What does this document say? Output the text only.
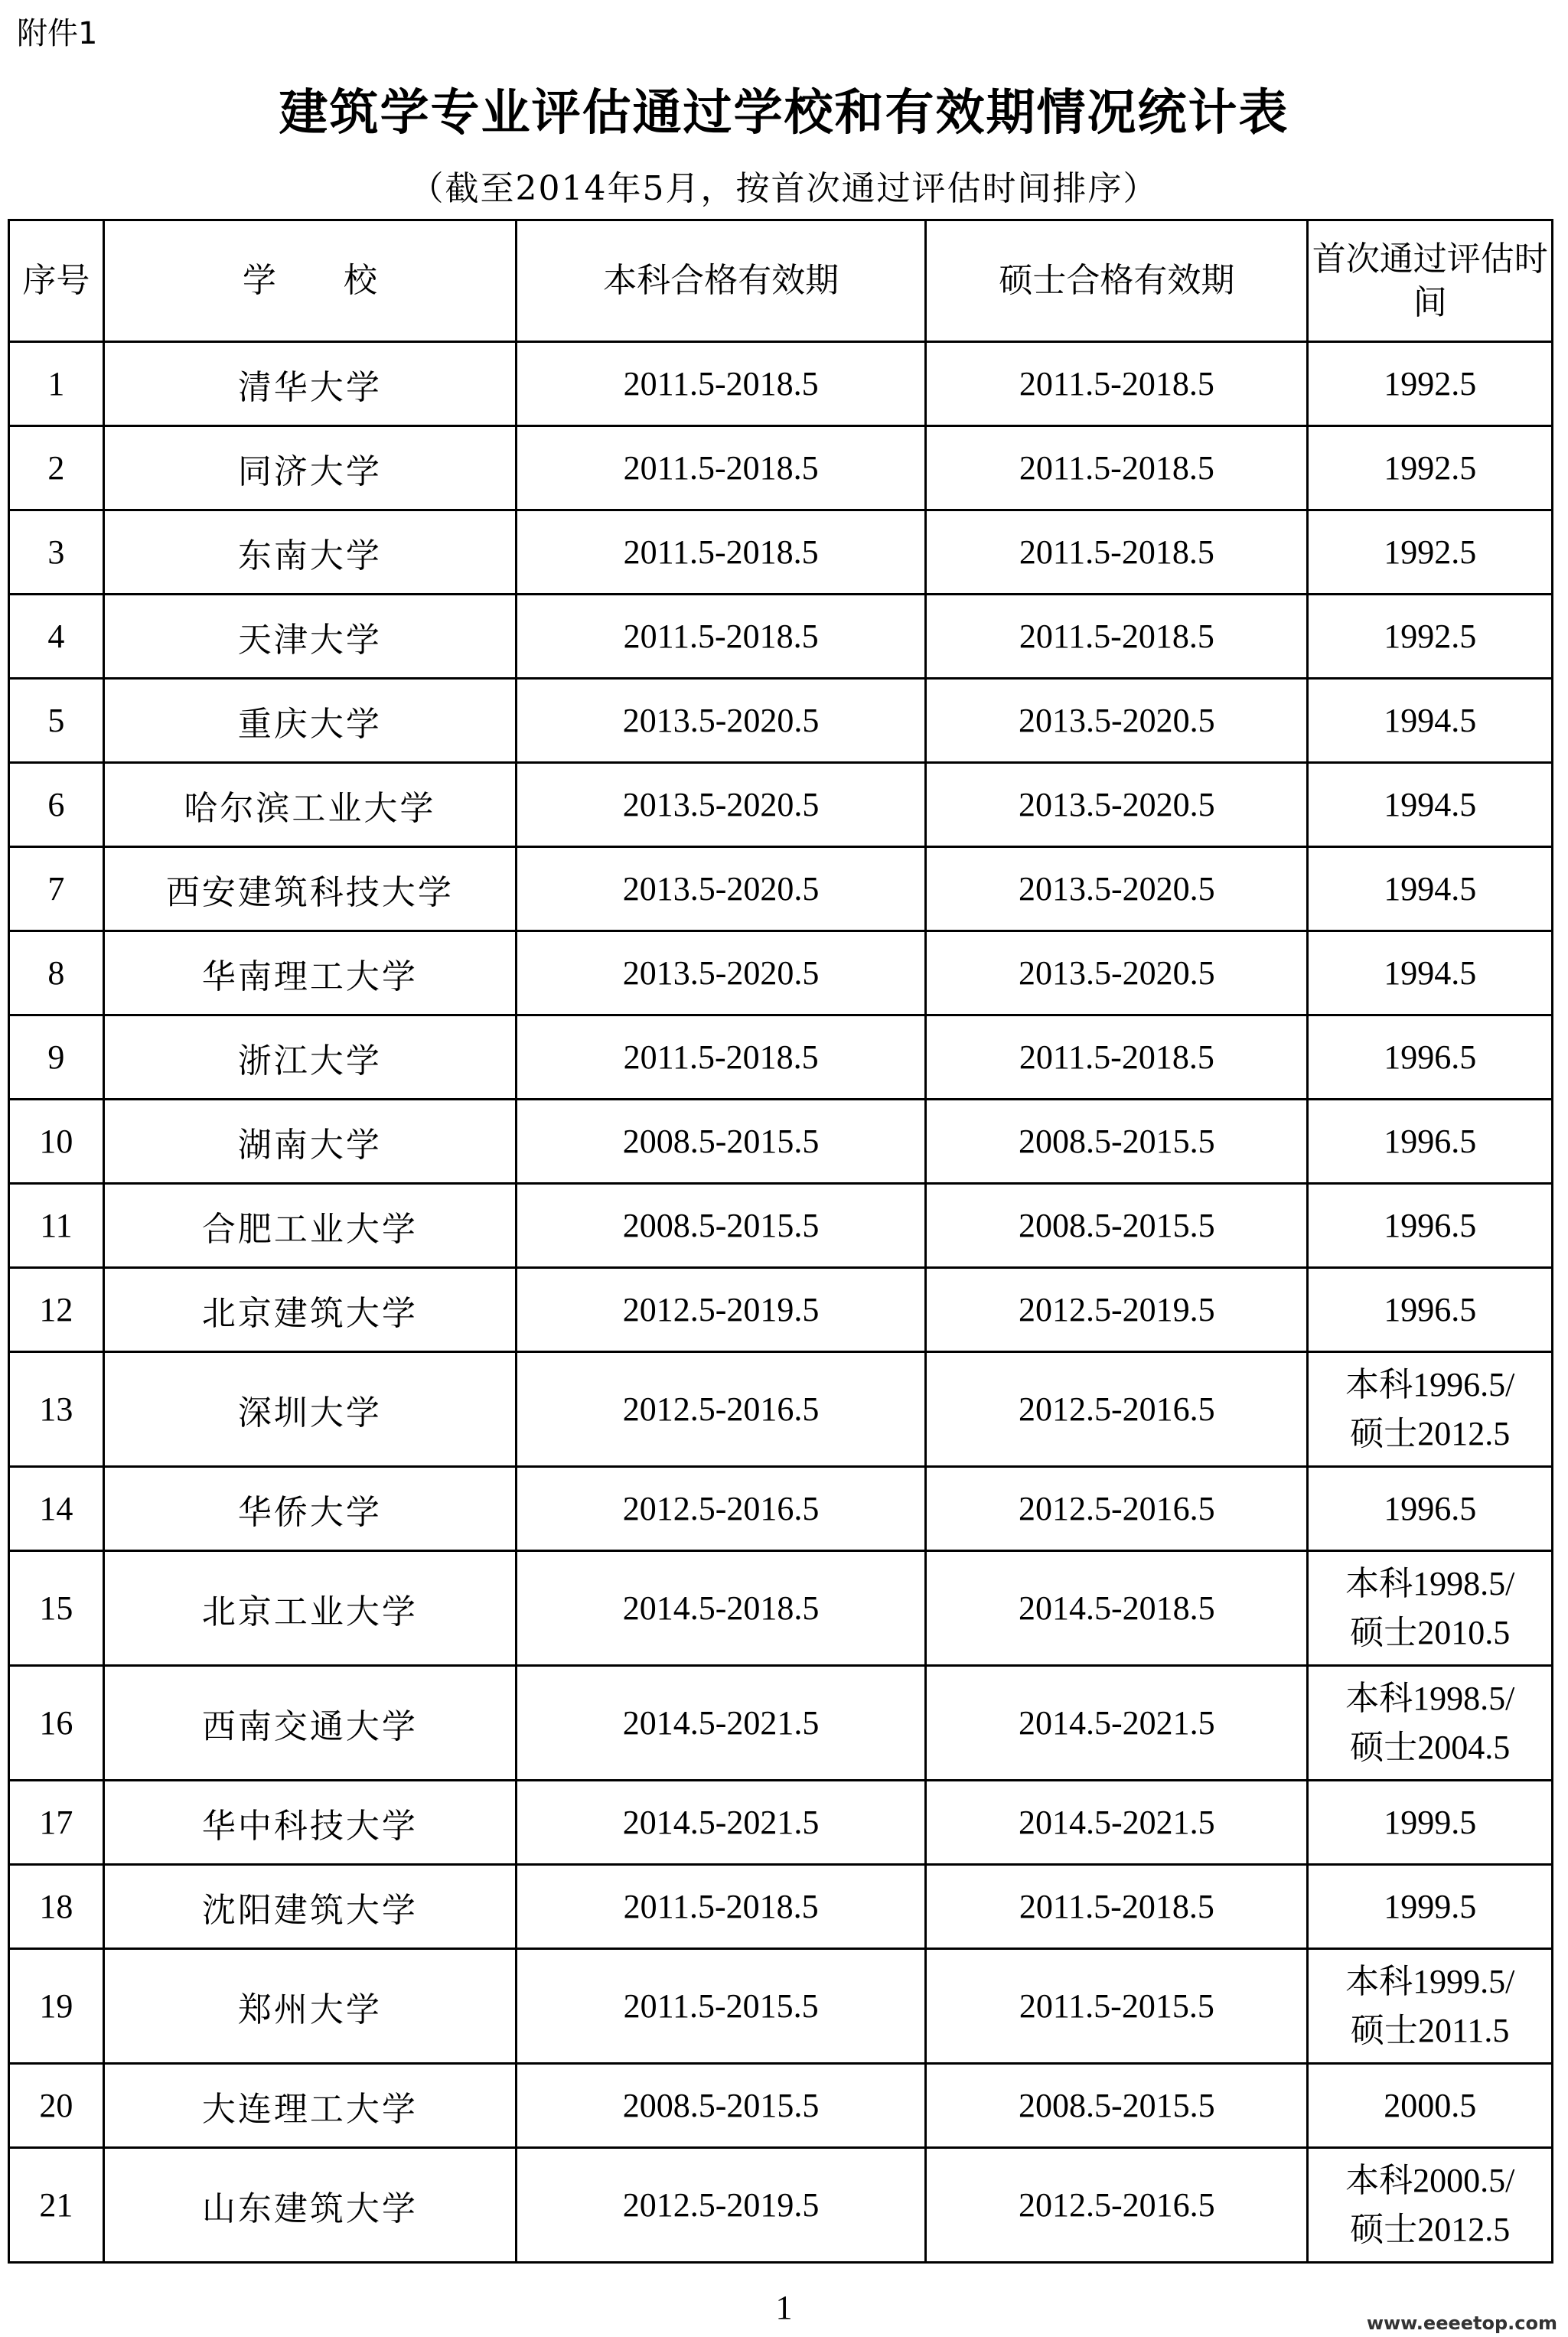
附件1
建筑学专业评估通过学校和有效期情况统计表
（截至2014年5月，按首次通过评估时间排序）
序号	学　　校	本科合格有效期	硕士合格有效期	首次通过评估时间
1	清华大学	2011.5-2018.5	2011.5-2018.5	1992.5

2	同济大学	2011.5-2018.5	2011.5-2018.5	1992.5

3	东南大学	2011.5-2018.5	2011.5-2018.5	1992.5

4	天津大学	2011.5-2018.5	2011.5-2018.5	1992.5

5	重庆大学	2013.5-2020.5	2013.5-2020.5	1994.5

6	哈尔滨工业大学	2013.5-2020.5	2013.5-2020.5	1994.5

7	西安建筑科技大学	2013.5-2020.5	2013.5-2020.5	1994.5

8	华南理工大学	2013.5-2020.5	2013.5-2020.5	1994.5

9	浙江大学	2011.5-2018.5	2011.5-2018.5	1996.5

10	湖南大学	2008.5-2015.5	2008.5-2015.5	1996.5

11	合肥工业大学	2008.5-2015.5	2008.5-2015.5	1996.5

12	北京建筑大学	2012.5-2019.5	2012.5-2019.5	1996.5

13	深圳大学	2012.5-2016.5	2012.5-2016.5	本科1996.5/
硕士2012.5

14	华侨大学	2012.5-2016.5	2012.5-2016.5	1996.5

15	北京工业大学	2014.5-2018.5	2014.5-2018.5	本科1998.5/
硕士2010.5

16	西南交通大学	2014.5-2021.5	2014.5-2021.5	本科1998.5/
硕士2004.5

17	华中科技大学	2014.5-2021.5	2014.5-2021.5	1999.5

18	沈阳建筑大学	2011.5-2018.5	2011.5-2018.5	1999.5

19	郑州大学	2011.5-2015.5	2011.5-2015.5	本科1999.5/
硕士2011.5

20	大连理工大学	2008.5-2015.5	2008.5-2015.5	2000.5

21	山东建筑大学	2012.5-2019.5	2012.5-2016.5	本科2000.5/
硕士2012.5
1	www.eeeetop.com
